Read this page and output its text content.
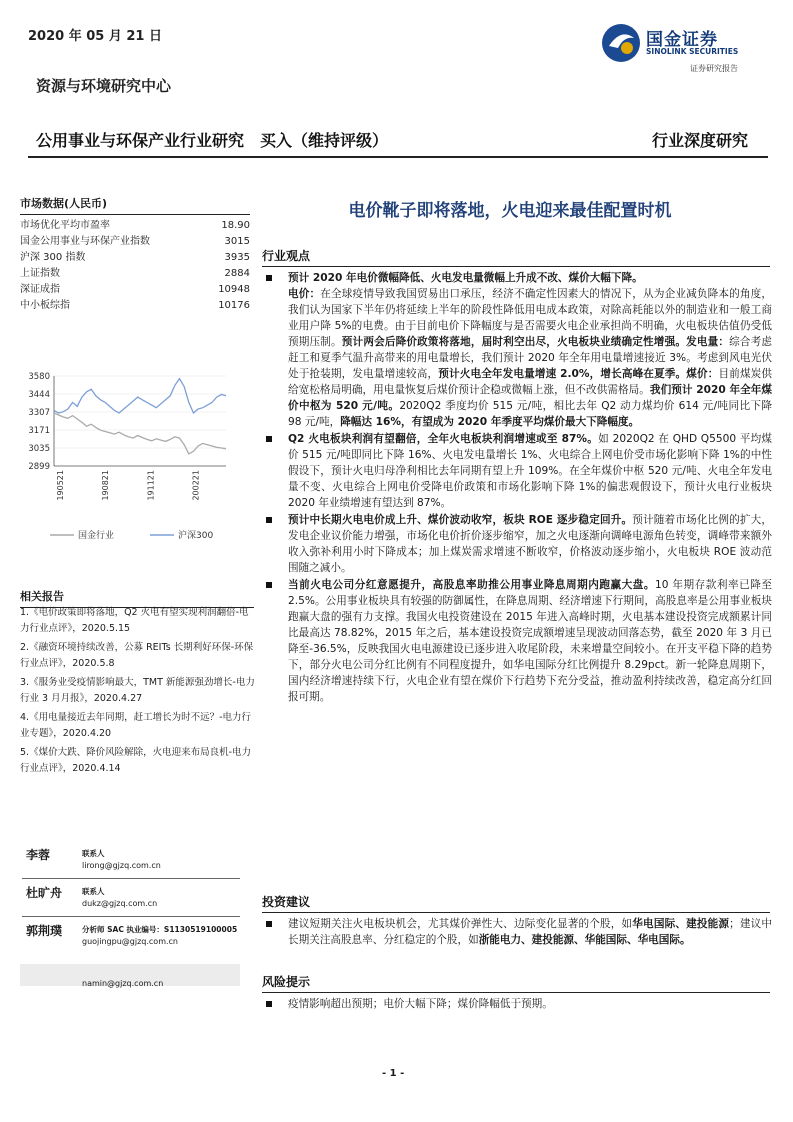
2020 年 05 月 21 日	国金证券
SINOLINK SECURITIES
证券研究报告
资源与环境研究中心
公用事业与环保产业行业研究　买入（维持评级）	行业深度研究
市场数据(人民币)
市场优化平均市盈率	18.90
国金公用事业与环保产业指数	3015
沪深 300 指数	3935
上证指数	2884
深证成指	10948
中小板综指	10176
3580
3444
3307
3171
3035
2899
190521	190821	191121	200221
国金行业	沪深300
相关报告
1.《电价政策即将落地，Q2 火电有望实现利润翻倍-电力行业点评》，2020.5.15
2.《融资环境持续改善，公募 REITs 长期利好环保-环保行业点评》，2020.5.8
3.《服务业受疫情影响最大，TMT 新能源强劲增长-电力行业 3 月月报》，2020.4.27
4.《用电量接近去年同期，赶工增长为时不远？-电力行业专题》，2020.4.20
5.《煤价大跌、降价风险解除，火电迎来布局良机-电力行业点评》，2020.4.14
李蓉	联系人
lirong@gjzq.com.cn
杜旷舟	联系人
dukz@gjzq.com.cn
郭荆璞	分析师 SAC 执业编号：S1130519100005
guojingpu@gjzq.com.cn
namin@gjzq.com.cn
电价靴子即将落地，火电迎来最佳配置时机
行业观点
预计 2020 年电价微幅降低、火电发电量微幅上升成不改、煤价大幅下降。
电价：在全球疫情导致我国贸易出口承压，经济不确定性因素大的情况下，从为企业减负降本的角度，我们认为国家下半年仍将延续上半年的阶段性降低用电成本政策，对除高耗能以外的制造业和一般工商业用户降 5%的电费。由于目前电价下降幅度与是否需要火电企业承担尚不明确，火电板块估值仍受低预期压制。预计两会后降价政策将落地，届时利空出尽，火电板块业绩确定性增强。发电量：综合考虑赶工和夏季气温升高带来的用电量增长，我们预计 2020 年全年用电量增速接近 3%。考虑到风电光伏处于抢装期，发电量增速较高，预计火电全年发电量增速 2.0%，增长高峰在夏季。煤价：目前煤炭供给宽松格局明确，用电量恢复后煤价预计企稳或微幅上涨，但不改供需格局。我们预计 2020 年全年煤价中枢为 520 元/吨。2020Q2 季度均价 515 元/吨，相比去年 Q2 动力煤均价 614 元/吨同比下降 98 元/吨，降幅达 16%，有望成为 2020 年季度平均煤价最大下降幅度。
Q2 火电板块利润有望翻倍，全年火电板块利润增速或至 87%。如 2020Q2 在 QHD Q5500 平均煤价 515 元/吨即同比下降 16%、火电发电量增长 1%、火电综合上网电价受市场化影响下降 1%的中性假设下，预计火电归母净利相比去年同期有望上升 109%。在全年煤价中枢 520 元/吨、火电全年发电量不变、火电综合上网电价受降电价政策和市场化影响下降 1%的偏悲观假设下，预计火电行业板块 2020 年业绩增速有望达到 87%。
预计中长期火电电价成上升、煤价波动收窄，板块 ROE 逐步稳定回升。预计随着市场化比例的扩大，发电企业议价能力增强，市场化电价折价逐步缩窄，加之火电逐渐向调峰电源角色转变，调峰带来额外收入弥补利用小时下降成本；加上煤炭需求增速不断收窄，价格波动逐步缩小，火电板块 ROE 波动范围随之减小。
当前火电公司分红意愿提升，高股息率助推公用事业降息周期内跑赢大盘。10 年期存款利率已降至 2.5%。公用事业板块具有较强的防御属性，在降息周期、经济增速下行期间，高股息率是公用事业板块跑赢大盘的强有力支撑。我国火电投资建设在 2015 年进入高峰时期，火电基本建设投资完成额累计同比最高达 78.82%，2015 年之后，基本建设投资完成额增速呈现波动回落态势，截至 2020 年 3 月已降至-36.5%，反映我国火电电源建设已逐步进入收尾阶段，未来增量空间较小。在开支平稳下降的趋势下，部分火电公司分红比例有不同程度提升，如华电国际分红比例提升 8.29pct。新一轮降息周期下，国内经济增速持续下行，火电企业有望在煤价下行趋势下充分受益，推动盈利持续改善，稳定高分红回报可期。
投资建议
建议短期关注火电板块机会，尤其煤价弹性大、边际变化显著的个股，如华电国际、建投能源；建议中长期关注高股息率、分红稳定的个股，如浙能电力、建投能源、华能国际、华电国际。
风险提示
疫情影响超出预期；电价大幅下降；煤价降幅低于预期。
- 1 -
